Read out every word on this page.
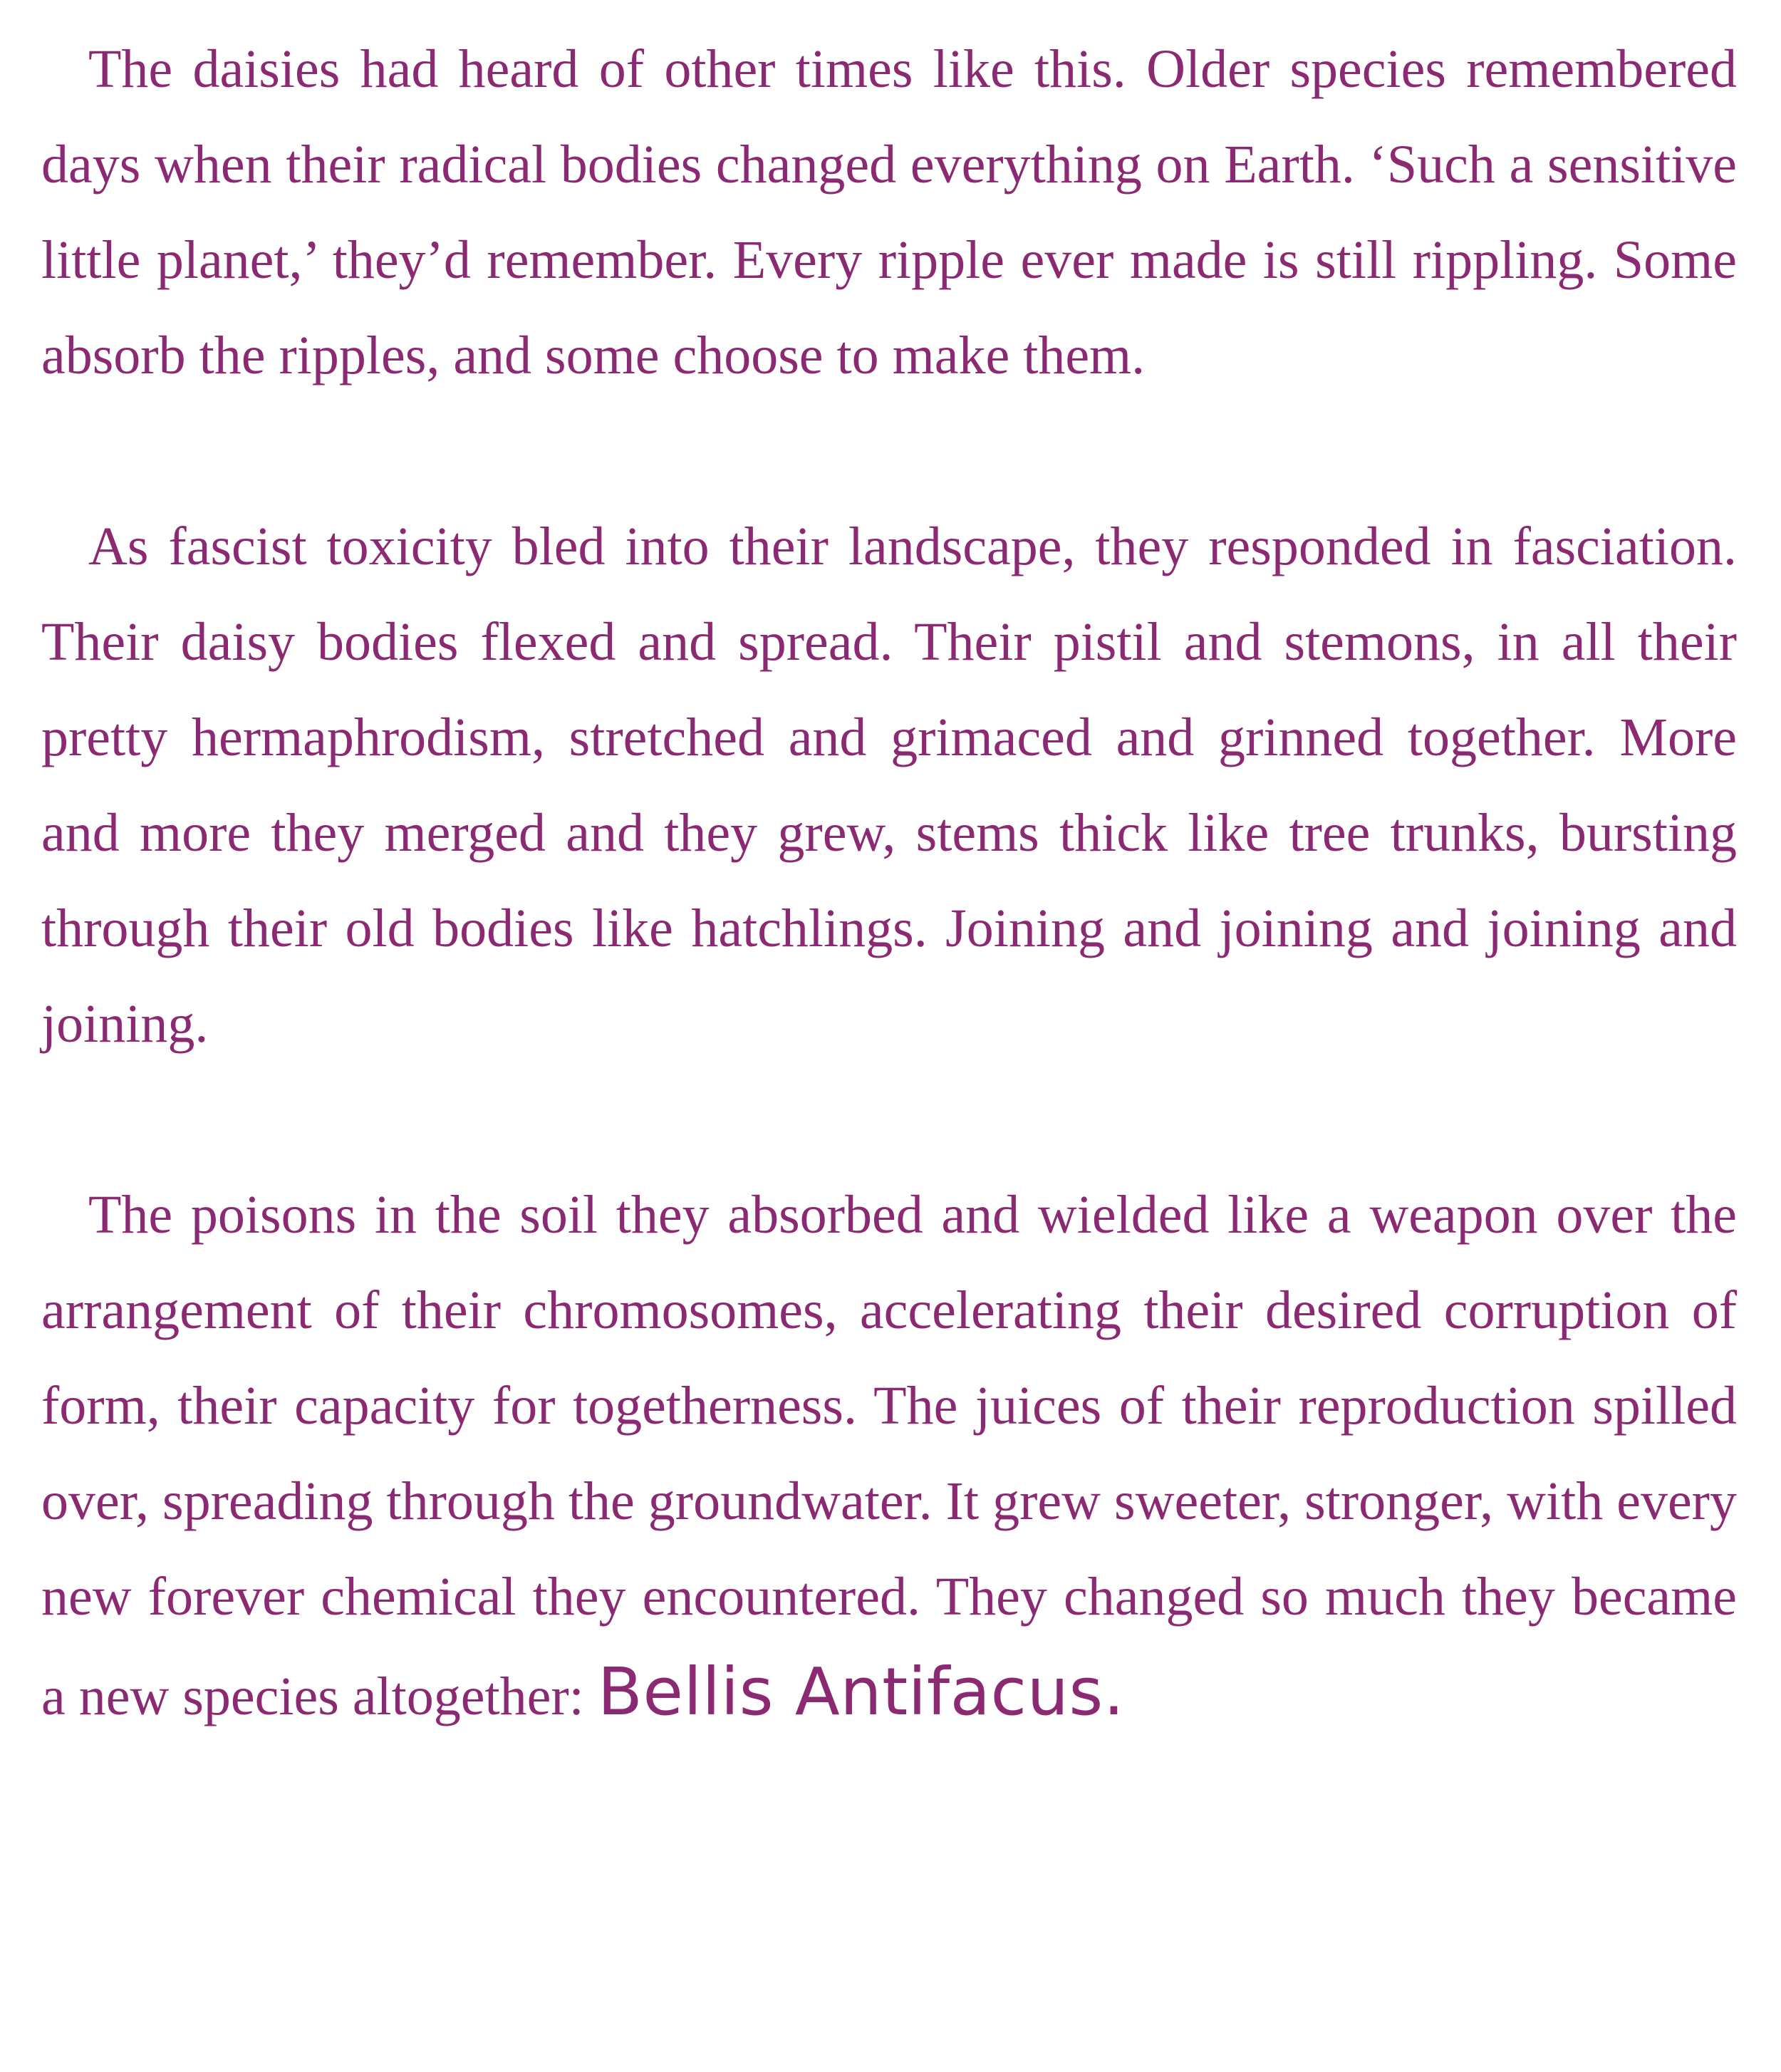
The daisies had heard of other times like this. Older species remembered days when their radical bodies changed everything on Earth. ‘Such a sensitive little planet,’ they’d remember. Every ripple ever made is still rippling. Some absorb the ripples, and some choose to make them.

As fascist toxicity bled into their landscape, they responded in fasciation. Their daisy bodies flexed and spread. Their pistil and stemons, in all their pretty hermaphrodism, stretched and grimaced and grinned together. More and more they merged and they grew, stems thick like tree trunks, bursting through their old bodies like hatchlings. Joining and joining and joining and joining.

The poisons in the soil they absorbed and wielded like a weapon over the arrangement of their chromosomes, accelerating their desired corruption of form, their capacity for togetherness. The juices of their reproduction spilled over, spreading through the groundwater. It grew sweeter, stronger, with every new forever chemical they encountered. They changed so much they became a new species altogether: Bellis Antifacus.
